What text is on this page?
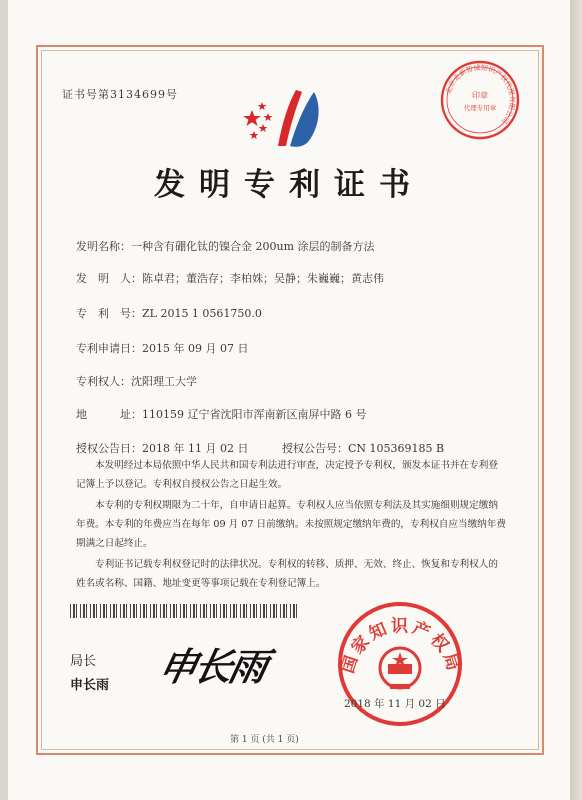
证书号第3134699号	北京北新智诚知识产权代理有限公司
印章
代理专用章
发明专利证书
发明名称：一种含有硼化钛的镍合金 200um 涂层的制备方法
发　明　人：陈卓君；董浩存；李柏姝；吴静；朱巍巍；黄志伟
专　利　号：ZL 2015 1 0561750.0
专利申请日：2015 年 09 月 07 日
专利权人：沈阳理工大学
地　　　址：110159 辽宁省沈阳市浑南新区南屏中路 6 号
授权公告日：2018 年 11 月 02 日	授权公告号：CN 105369185 B

本发明经过本局依照中华人民共和国专利法进行审查，决定授予专利权，颁发本证书并在专利登记簿上予以登记。专利权自授权公告之日起生效。

本专利的专利权期限为二十年，自申请日起算。专利权人应当依照专利法及其实施细则规定缴纳年费。本专利的年费应当在每年 09 月 07 日前缴纳。未按照规定缴纳年费的，专利权自应当缴纳年费期满之日起终止。

专利证书记载专利权登记时的法律状况。专利权的转移、质押、无效、终止、恢复和专利权人的姓名或名称、国籍、地址变更等事项记载在专利登记簿上。

局长
申长雨 申长雨	国家知识产权局
2018 年 11 月 02 日
第 1 页 (共 1 页)
